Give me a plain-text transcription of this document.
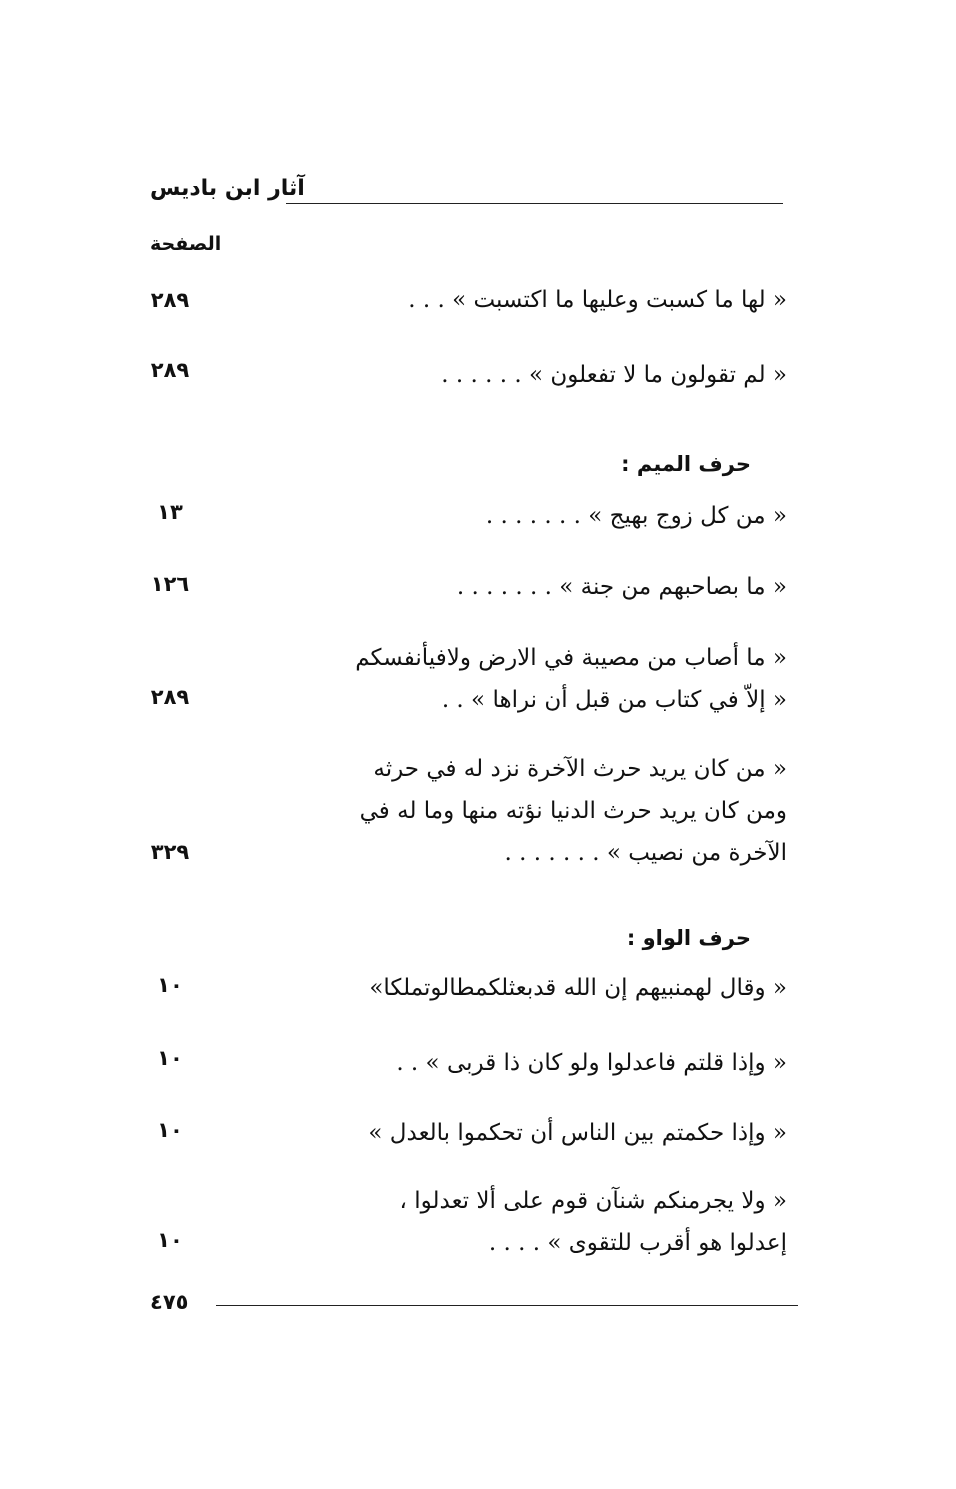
آثار ابن باديس
الصفحة
« لها ما كسبت وعليها ما اكتسبت » . . .
٢٨٩
« لم تقولون ما لا تفعلون » . . . . . .
٢٨٩
حرف الميم :
« من كل زوج بهيج » . . . . . . .
١٣
« ما بصاحبهم من جنة » . . . . . . .
١٢٦
« ما أصاب من مصيبة في الارض ولافيأنفسكم
« إلاّ في كتاب من قبل أن نراها » . .
٢٨٩
« من كان يريد حرث الآخرة نزد له في حرثه
ومن كان يريد حرث الدنيا نؤته منها وما له في
الآخرة من نصيب » . . . . . . .
٣٢٩
حرف الواو :
« وقال لهمنبيهم إن الله قدبعثلكمطالوتملكا»
١٠
« وإذا قلتم فاعدلوا ولو كان ذا قربى » . .
١٠
« وإذا حكمتم بين الناس أن تحكموا بالعدل »
١٠
« ولا يجرمنكم شنآن قوم على ألا تعدلوا ،
إعدلوا هو أقرب للتقوى » . . . .
١٠
٤٧٥
